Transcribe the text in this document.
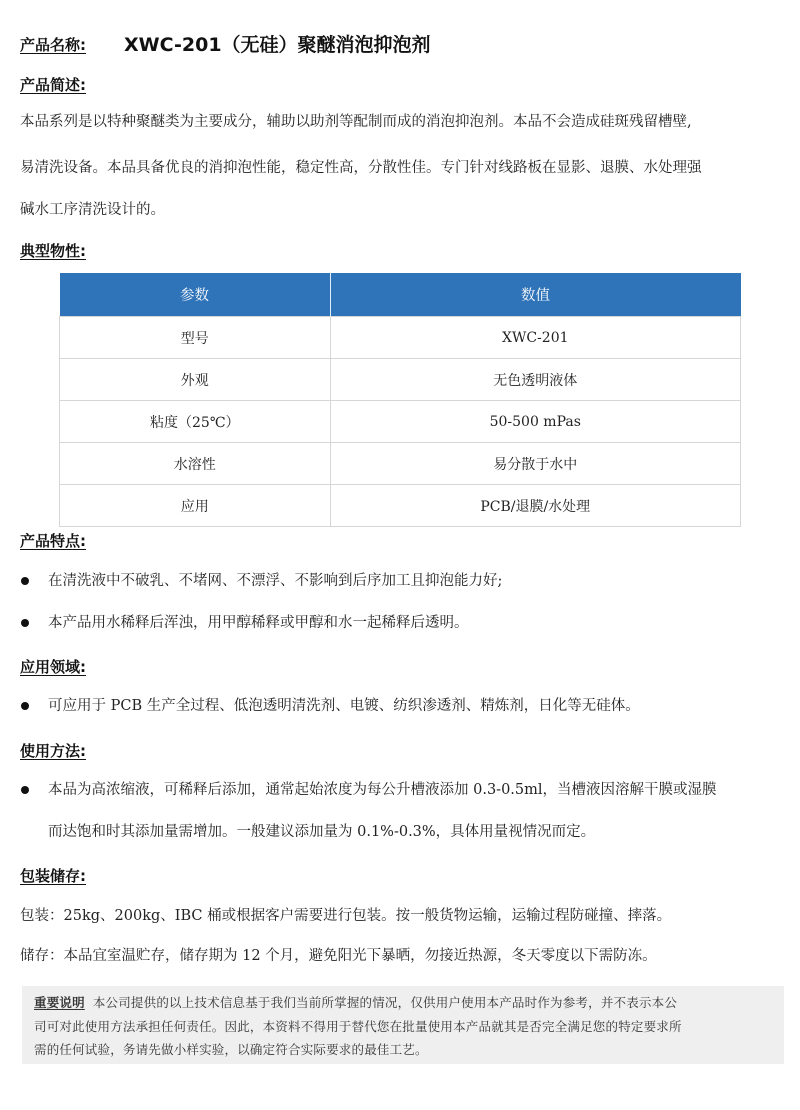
产品名称:	XWC-201（无硅）聚醚消泡抑泡剂
产品简述:
本品系列是以特种聚醚类为主要成分，辅助以助剂等配制而成的消泡抑泡剂。本品不会造成硅斑残留槽壁,
易清洗设备。本品具备优良的消抑泡性能，稳定性高，分散性佳。专门针对线路板在显影、退膜、水处理强
碱水工序清洗设计的。
典型物性:
参数	数值
型号	XWC-201
外观	无色透明液体
粘度（25℃）	50-500 mPas
水溶性	易分散于水中
应用	PCB/退膜/水处理
产品特点:
在清洗液中不破乳、不堵网、不漂浮、不影响到后序加工且抑泡能力好;
本产品用水稀释后浑浊，用甲醇稀释或甲醇和水一起稀释后透明。
应用领域:
可应用于 PCB 生产全过程、低泡透明清洗剂、电镀、纺织渗透剂、精炼剂，日化等无硅体。
使用方法:
本品为高浓缩液，可稀释后添加，通常起始浓度为每公升槽液添加 0.3-0.5ml，当槽液因溶解干膜或湿膜
而达饱和时其添加量需增加。一般建议添加量为 0.1%-0.3%，具体用量视情况而定。
包装储存:
包装：25kg、200kg、IBC 桶或根据客户需要进行包装。按一般货物运输，运输过程防碰撞、摔落。
储存：本品宜室温贮存，储存期为 12 个月，避免阳光下暴晒，勿接近热源，冬天零度以下需防冻。

重要说明 本公司提供的以上技术信息基于我们当前所掌握的情况，仅供用户使用本产品时作为参考，并不表示本公

司可对此使用方法承担任何责任。因此，本资料不得用于替代您在批量使用本产品就其是否完全满足您的特定要求所

需的任何试验，务请先做小样实验，以确定符合实际要求的最佳工艺。
